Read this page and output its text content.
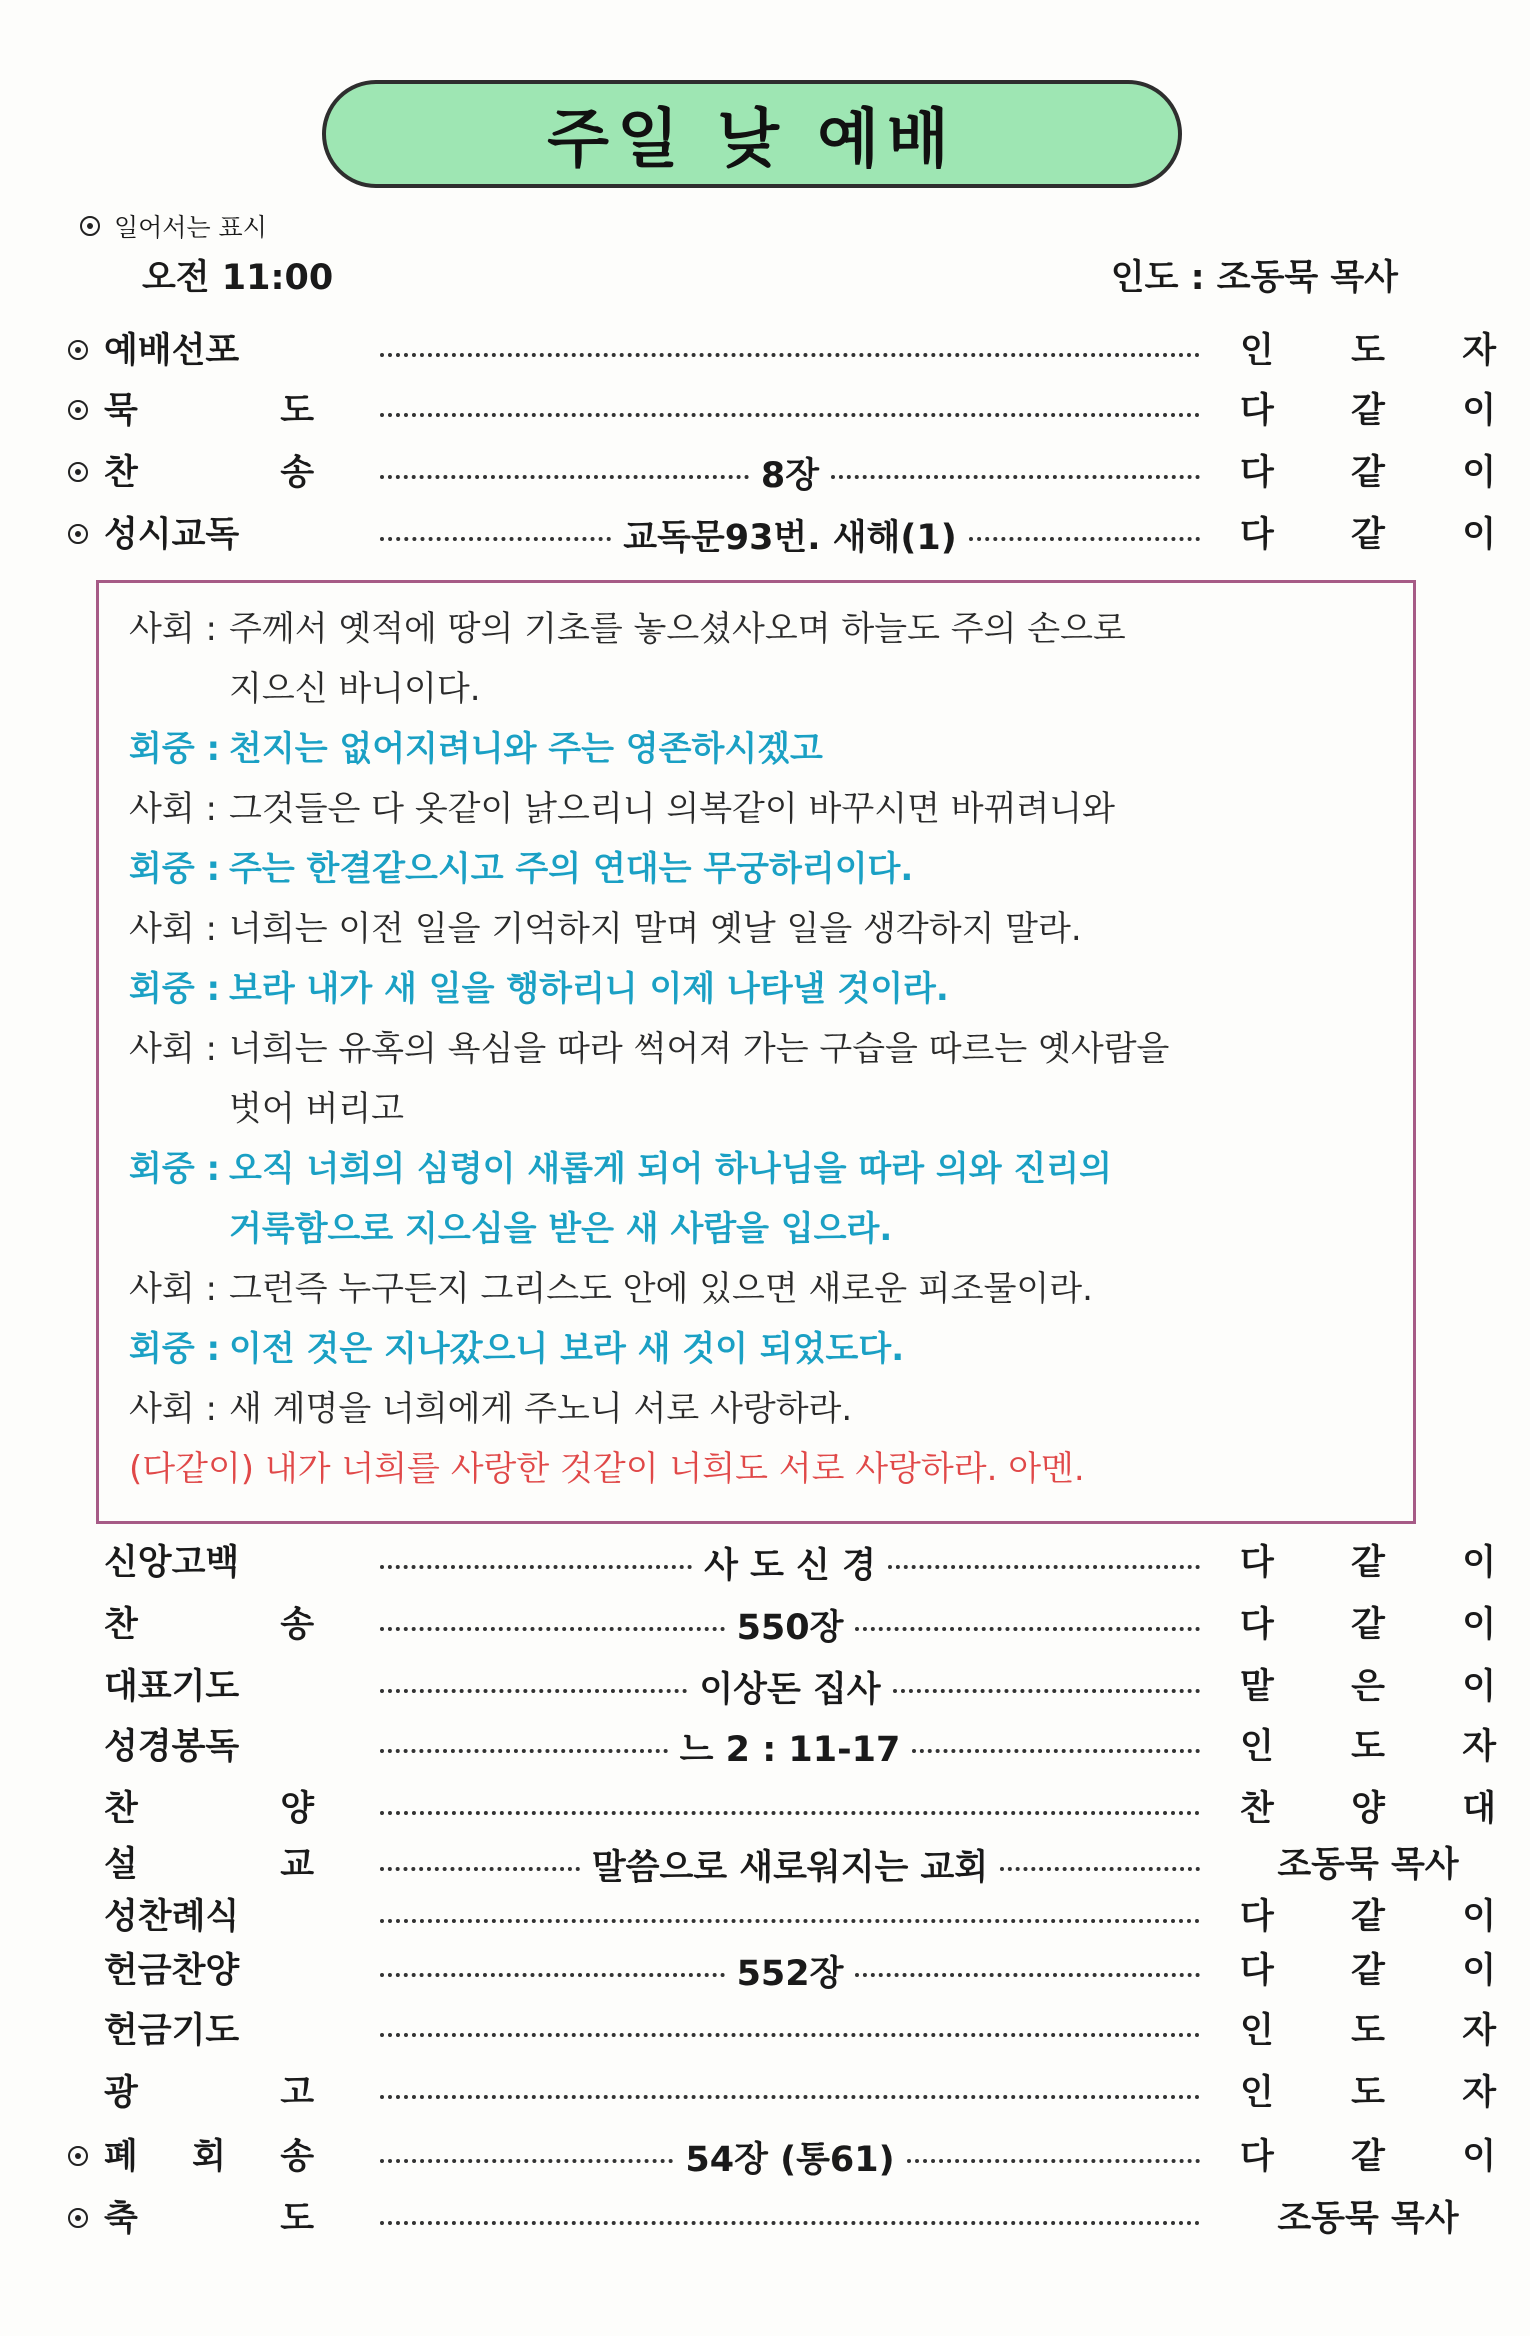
주일 낮 예배
일어서는 표시
오전 11:00	인도 : 조동묵 목사
예배선포	인 도 자
묵	도	다 같 이
찬	송	8장	다 같 이
성시교독	교독문93번. 새해(1)	다 같 이
사회 : 주께서 옛적에 땅의 기초를 놓으셨사오며 하늘도 주의 손으로
지으신 바니이다.
회중 : 천지는 없어지려니와 주는 영존하시겠고
사회 : 그것들은 다 옷같이 낡으리니 의복같이 바꾸시면 바뀌려니와
회중 : 주는 한결같으시고 주의 연대는 무궁하리이다.
사회 : 너희는 이전 일을 기억하지 말며 옛날 일을 생각하지 말라.
회중 : 보라 내가 새 일을 행하리니 이제 나타낼 것이라.
사회 : 너희는 유혹의 욕심을 따라 썩어져 가는 구습을 따르는 옛사람을
벗어 버리고
회중 : 오직 너희의 심령이 새롭게 되어 하나님을 따라 의와 진리의
거룩함으로 지으심을 받은 새 사람을 입으라.
사회 : 그런즉 누구든지 그리스도 안에 있으면 새로운 피조물이라.
회중 : 이전 것은 지나갔으니 보라 새 것이 되었도다.
사회 : 새 계명을 너희에게 주노니 서로 사랑하라.
(다같이) 내가 너희를 사랑한 것같이 너희도 서로 사랑하라. 아멘.
신앙고백	사 도 신 경	다 같 이
찬	송	550장	다 같 이
대표기도	이상돈 집사	맡 은 이
성경봉독	느 2 : 11-17	인 도 자
찬	양	찬 양 대
설	교	말씀으로 새로워지는 교회	조동묵 목사
성찬례식	다 같 이
헌금찬양	552장	다 같 이
헌금기도	인 도 자
광	고	인 도 자
폐 회 송	54장 (통61)	다 같 이
축	도	조동묵 목사
